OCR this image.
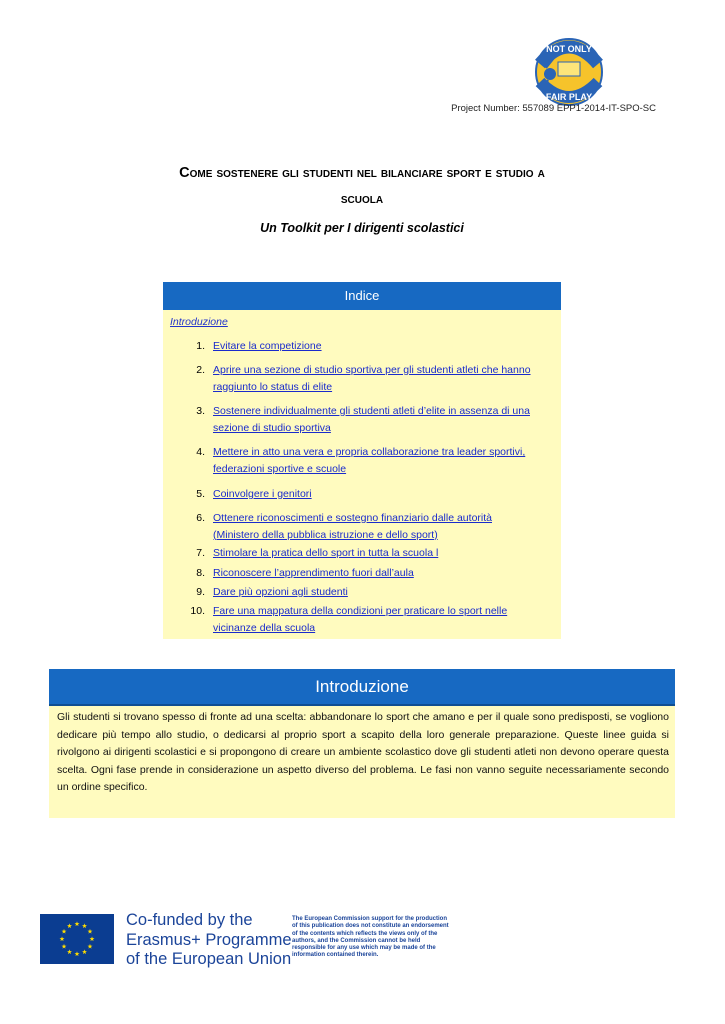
NOT ONLY
FAIR PLAY
Project Number: 557089 EPP1-2014-IT-SPO-SC
Come sostenere gli studenti nel bilanciare sport e studio a
scuola
Un Toolkit per I dirigenti scolastici
Indice
Introduzione
1. Evitare la competizione
2. Aprire una sezione di studio sportiva per gli studenti atleti che hanno
raggiunto lo status di elite
3. Sostenere individualmente gli studenti atleti d’elite in assenza di una
sezione di studio sportiva
4. Mettere in atto una vera e propria collaborazione tra leader sportivi,
federazioni sportive e scuole
5. Coinvolgere i genitori
6. Ottenere riconoscimenti e sostegno finanziario dalle autorità
(Ministero della pubblica istruzione e dello sport)
7. Stimolare la pratica dello sport in tutta la scuola l
8. Riconoscere l’apprendimento fuori dall’aula
9. Dare più opzioni agli studenti
10. Fare una mappatura della condizioni per praticare lo sport nelle
vicinanze della scuola
Introduzione
Gli studenti si trovano spesso di fronte ad una scelta: abbandonare lo sport che amano e per il quale sono predisposti, se vogliono dedicare più tempo allo studio, o dedicarsi al proprio sport a scapito della loro generale preparazione. Queste linee guida si rivolgono ai dirigenti scolastici e si propongono di creare un ambiente scolastico dove gli studenti atleti non devono operare questa scelta. Ogni fase prende in considerazione un aspetto diverso del problema. Le fasi non vanno seguite necessariamente secondo un ordine specifico.
Co-funded by the
Erasmus+ Programme
of the European Union
The European Commission support for the production of this publication does not constitute an endorsement of the contents which reflects the views only of the authors, and the Commission cannot be held responsible for any use which may be made of the information contained therein.
